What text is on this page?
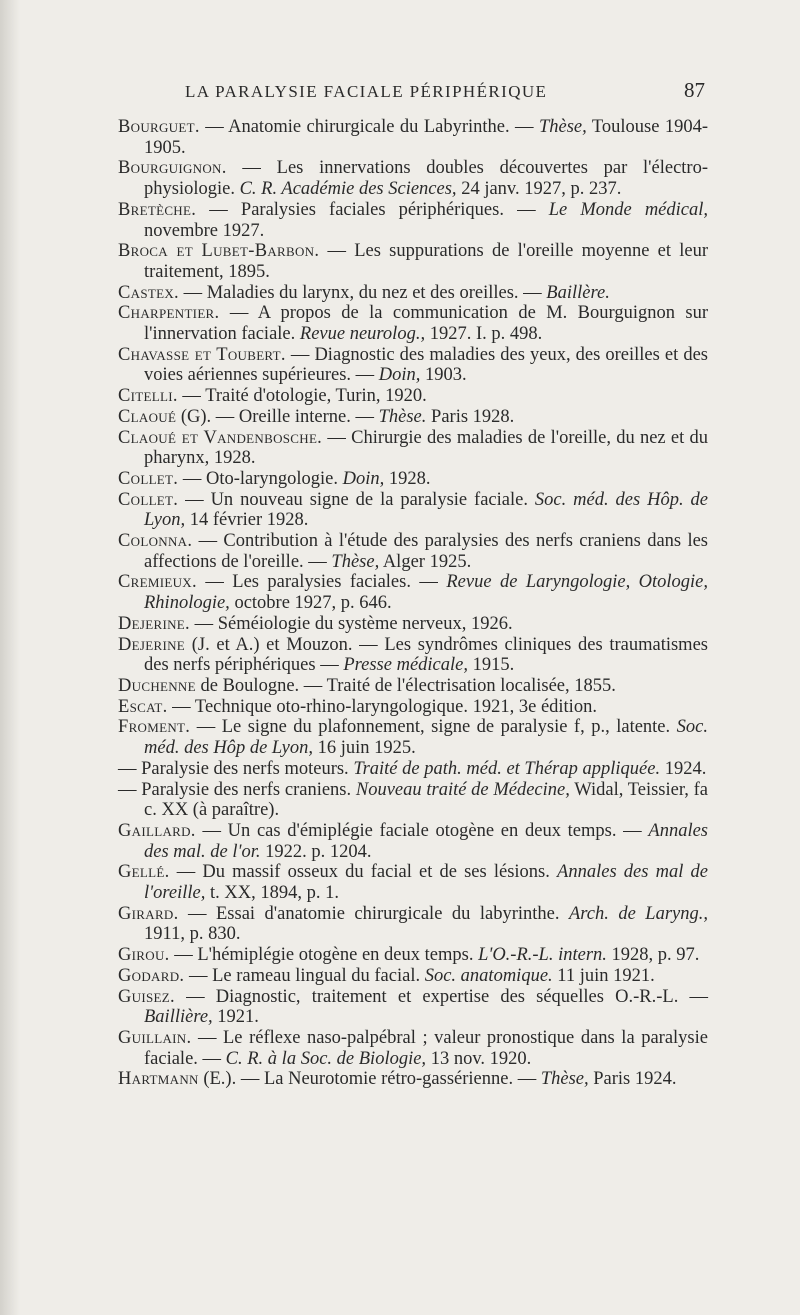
LA PARALYSIE FACIALE PÉRIPHÉRIQUE	87
Bourguet. — Anatomie chirurgicale du Labyrinthe. — Thèse, Toulouse 1904-1905.
Bourguignon. — Les innervations doubles découvertes par l'électro-physiologie. C. R. Académie des Sciences, 24 janv. 1927, p. 237.
Bretèche. — Paralysies faciales périphériques. — Le Monde médical, novembre 1927.
Broca et Lubet-Barbon. — Les suppurations de l'oreille moyenne et leur traitement, 1895.
Castex. — Maladies du larynx, du nez et des oreilles. — Baillère.
Charpentier. — A propos de la communication de M. Bourguignon sur l'innervation faciale. Revue neurolog., 1927. I. p. 498.
Chavasse et Toubert. — Diagnostic des maladies des yeux, des oreilles et des voies aériennes supérieures. — Doin, 1903.
Citelli. — Traité d'otologie, Turin, 1920.
Claoué (G). — Oreille interne. — Thèse. Paris 1928.
Claoué et Vandenbosche. — Chirurgie des maladies de l'oreille, du nez et du pharynx, 1928.
Collet. — Oto-laryngologie. Doin, 1928.
Collet. — Un nouveau signe de la paralysie faciale. Soc. méd. des Hôp. de Lyon, 14 février 1928.
Colonna. — Contribution à l'étude des paralysies des nerfs craniens dans les affections de l'oreille. — Thèse, Alger 1925.
Cremieux. — Les paralysies faciales. — Revue de Laryngologie, Otologie, Rhinologie, octobre 1927, p. 646.
Dejerine. — Séméiologie du système nerveux, 1926.
Dejerine (J. et A.) et Mouzon. — Les syndrômes cliniques des traumatismes des nerfs périphériques — Presse médicale, 1915.
Duchenne de Boulogne. — Traité de l'électrisation localisée, 1855.
Escat. — Technique oto-rhino-laryngologique. 1921, 3e édition.
Froment. — Le signe du plafonnement, signe de paralysie f, p., latente. Soc. méd. des Hôp de Lyon, 16 juin 1925.
— Paralysie des nerfs moteurs. Traité de path. méd. et Thérap appliquée. 1924.
— Paralysie des nerfs craniens. Nouveau traité de Médecine, Widal, Teissier, fa c. XX (à paraître).
Gaillard. — Un cas d'émiplégie faciale otogène en deux temps. — Annales des mal. de l'or. 1922. p. 1204.
Gellé. — Du massif osseux du facial et de ses lésions. Annales des mal de l'oreille, t. XX, 1894, p. 1.
Girard. — Essai d'anatomie chirurgicale du labyrinthe. Arch. de Laryng., 1911, p. 830.
Girou. — L'hémiplégie otogène en deux temps. L'O.-R.-L. intern. 1928, p. 97.
Godard. — Le rameau lingual du facial. Soc. anatomique. 11 juin 1921.
Guisez. — Diagnostic, traitement et expertise des séquelles O.-R.-L. — Baillière, 1921.
Guillain. — Le réflexe naso-palpébral ; valeur pronostique dans la paralysie faciale. — C. R. à la Soc. de Biologie, 13 nov. 1920.
Hartmann (E.). — La Neurotomie rétro-gassérienne. — Thèse, Paris 1924.
